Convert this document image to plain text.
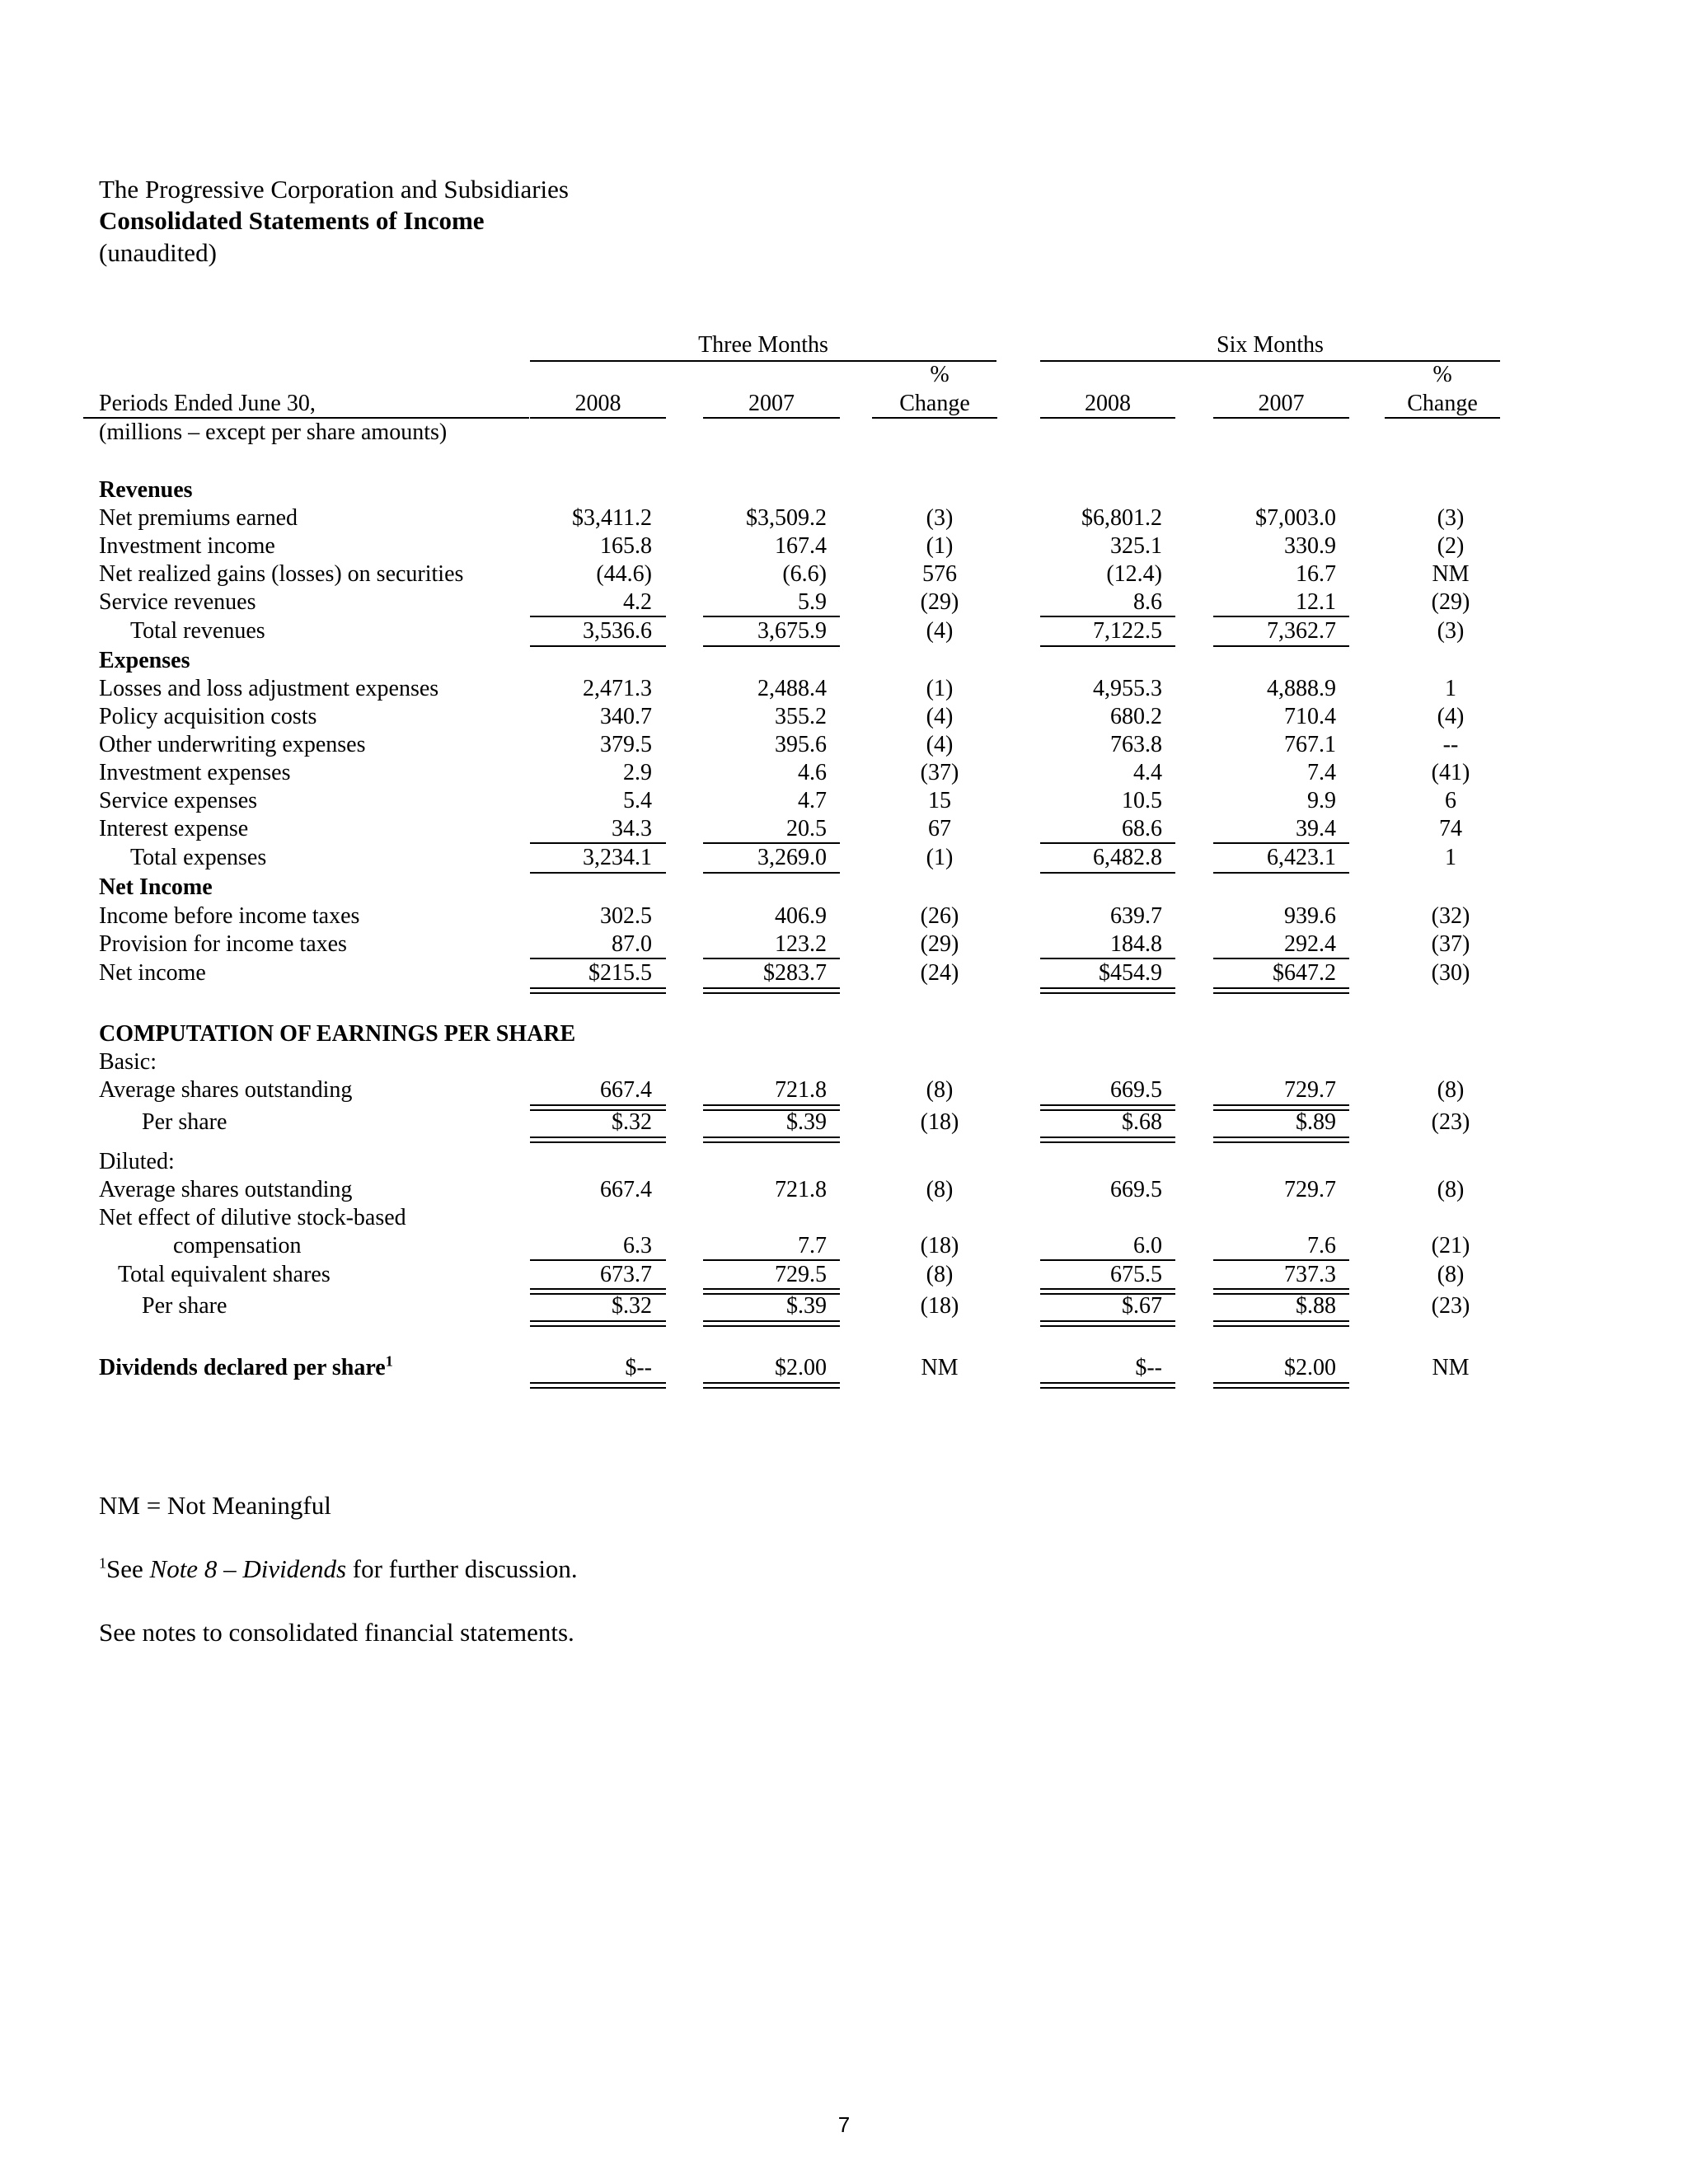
The Progressive Corporation and Subsidiaries
Consolidated Statements of Income
(unaudited)
Three Months	Six Months
%	%
Periods Ended June 30,	2008	2007	Change	2008	2007	Change
(millions – except per share amounts)
Revenues
Net premiums earned	$3,411.2	$3,509.2	(3)	$6,801.2	$7,003.0	(3)
Investment income	165.8	167.4	(1)	325.1	330.9	(2)
Net realized gains (losses) on securities	(44.6)	(6.6)	576	(12.4)	16.7	NM
Service revenues	4.2	5.9	(29)	8.6	12.1	(29)
Total revenues	3,536.6	3,675.9	(4)	7,122.5	7,362.7	(3)
Expenses
Losses and loss adjustment expenses	2,471.3	2,488.4	(1)	4,955.3	4,888.9	1
Policy acquisition costs	340.7	355.2	(4)	680.2	710.4	(4)
Other underwriting expenses	379.5	395.6	(4)	763.8	767.1	--
Investment expenses	2.9	4.6	(37)	4.4	7.4	(41)
Service expenses	5.4	4.7	15	10.5	9.9	6
Interest expense	34.3	20.5	67	68.6	39.4	74
Total expenses	3,234.1	3,269.0	(1)	6,482.8	6,423.1	1
Net Income
Income before income taxes	302.5	406.9	(26)	639.7	939.6	(32)
Provision for income taxes	87.0	123.2	(29)	184.8	292.4	(37)
Net income	$215.5	$283.7	(24)	$454.9	$647.2	(30)
COMPUTATION OF EARNINGS PER SHARE
Basic:
Average shares outstanding	667.4	721.8	(8)	669.5	729.7	(8)
Per share	$.32	$.39	(18)	$.68	$.89	(23)
Diluted:
Average shares outstanding	667.4	721.8	(8)	669.5	729.7	(8)
Net effect of dilutive stock-based
compensation	6.3	7.7	(18)	6.0	7.6	(21)
Total equivalent shares	673.7	729.5	(8)	675.5	737.3	(8)
Per share	$.32	$.39	(18)	$.67	$.88	(23)
Dividends declared per share$^1$	$--	$2.00	NM	$--	$2.00	NM
NM = Not Meaningful
$^1$See Note 8 – Dividends for further discussion.
See notes to consolidated financial statements.
7
